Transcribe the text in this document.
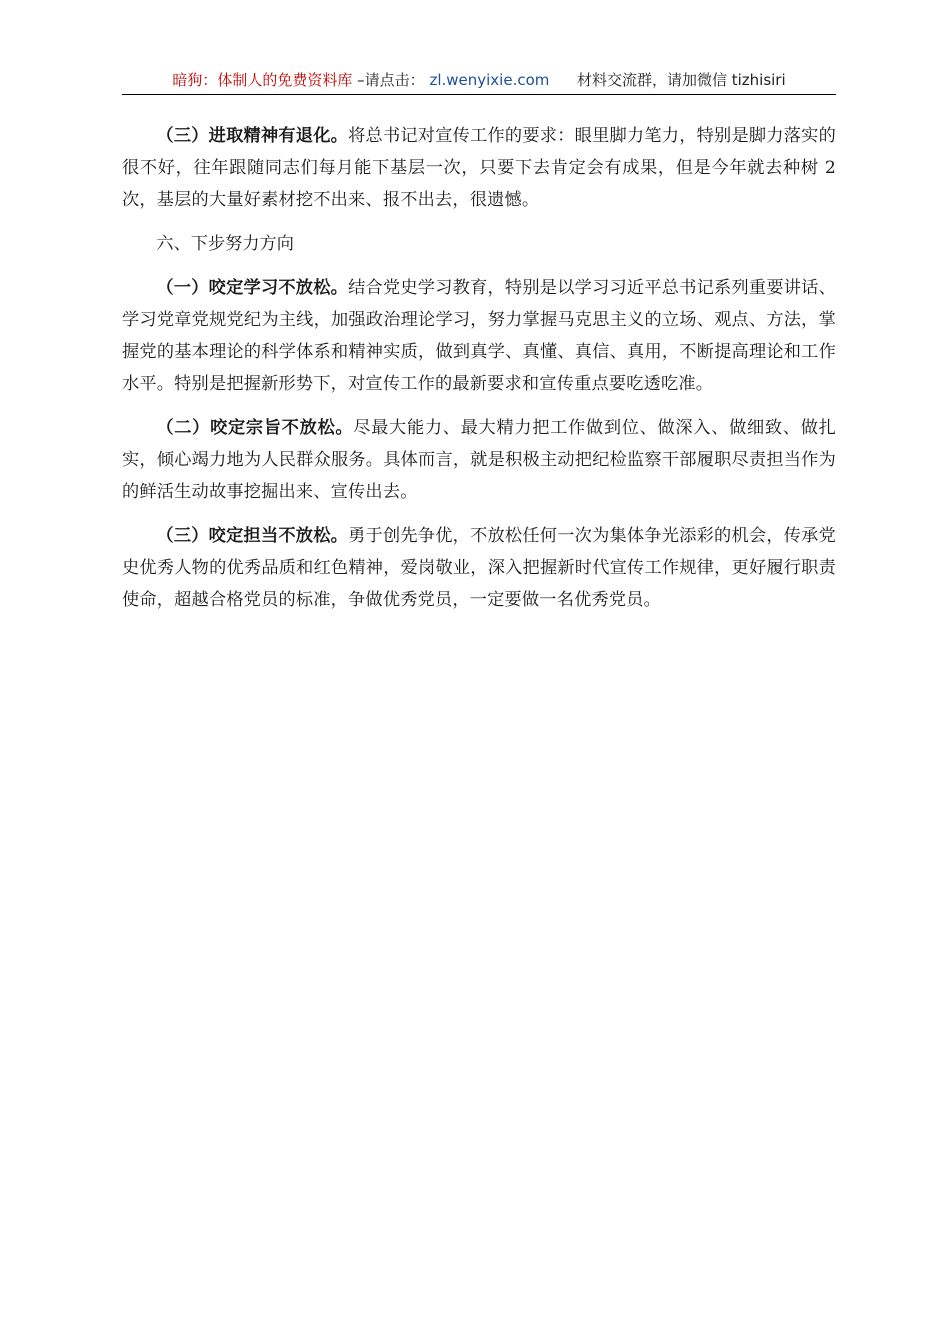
暗狗：体制人的免费资料库 –请点击： zl.wenyixie.com 材料交流群，请加微信 tizhisiri

（三）进取精神有退化。将总书记对宣传工作的要求：眼里脚力笔力，特别是脚力落实的很不好，往年跟随同志们每月能下基层一次，只要下去肯定会有成果，但是今年就去种树 2 次，基层的大量好素材挖不出来、报不出去，很遗憾。

六、下步努力方向

（一）咬定学习不放松。结合党史学习教育，特别是以学习习近平总书记系列重要讲话、学习党章党规党纪为主线，加强政治理论学习，努力掌握马克思主义的立场、观点、方法，掌握党的基本理论的科学体系和精神实质，做到真学、真懂、真信、真用，不断提高理论和工作水平。特别是把握新形势下，对宣传工作的最新要求和宣传重点要吃透吃准。

（二）咬定宗旨不放松。尽最大能力、最大精力把工作做到位、做深入、做细致、做扎实，倾心竭力地为人民群众服务。具体而言，就是积极主动把纪检监察干部履职尽责担当作为的鲜活生动故事挖掘出来、宣传出去。

（三）咬定担当不放松。勇于创先争优，不放松任何一次为集体争光添彩的机会，传承党史优秀人物的优秀品质和红色精神，爱岗敬业，深入把握新时代宣传工作规律，更好履行职责使命，超越合格党员的标准，争做优秀党员，一定要做一名优秀党员。
